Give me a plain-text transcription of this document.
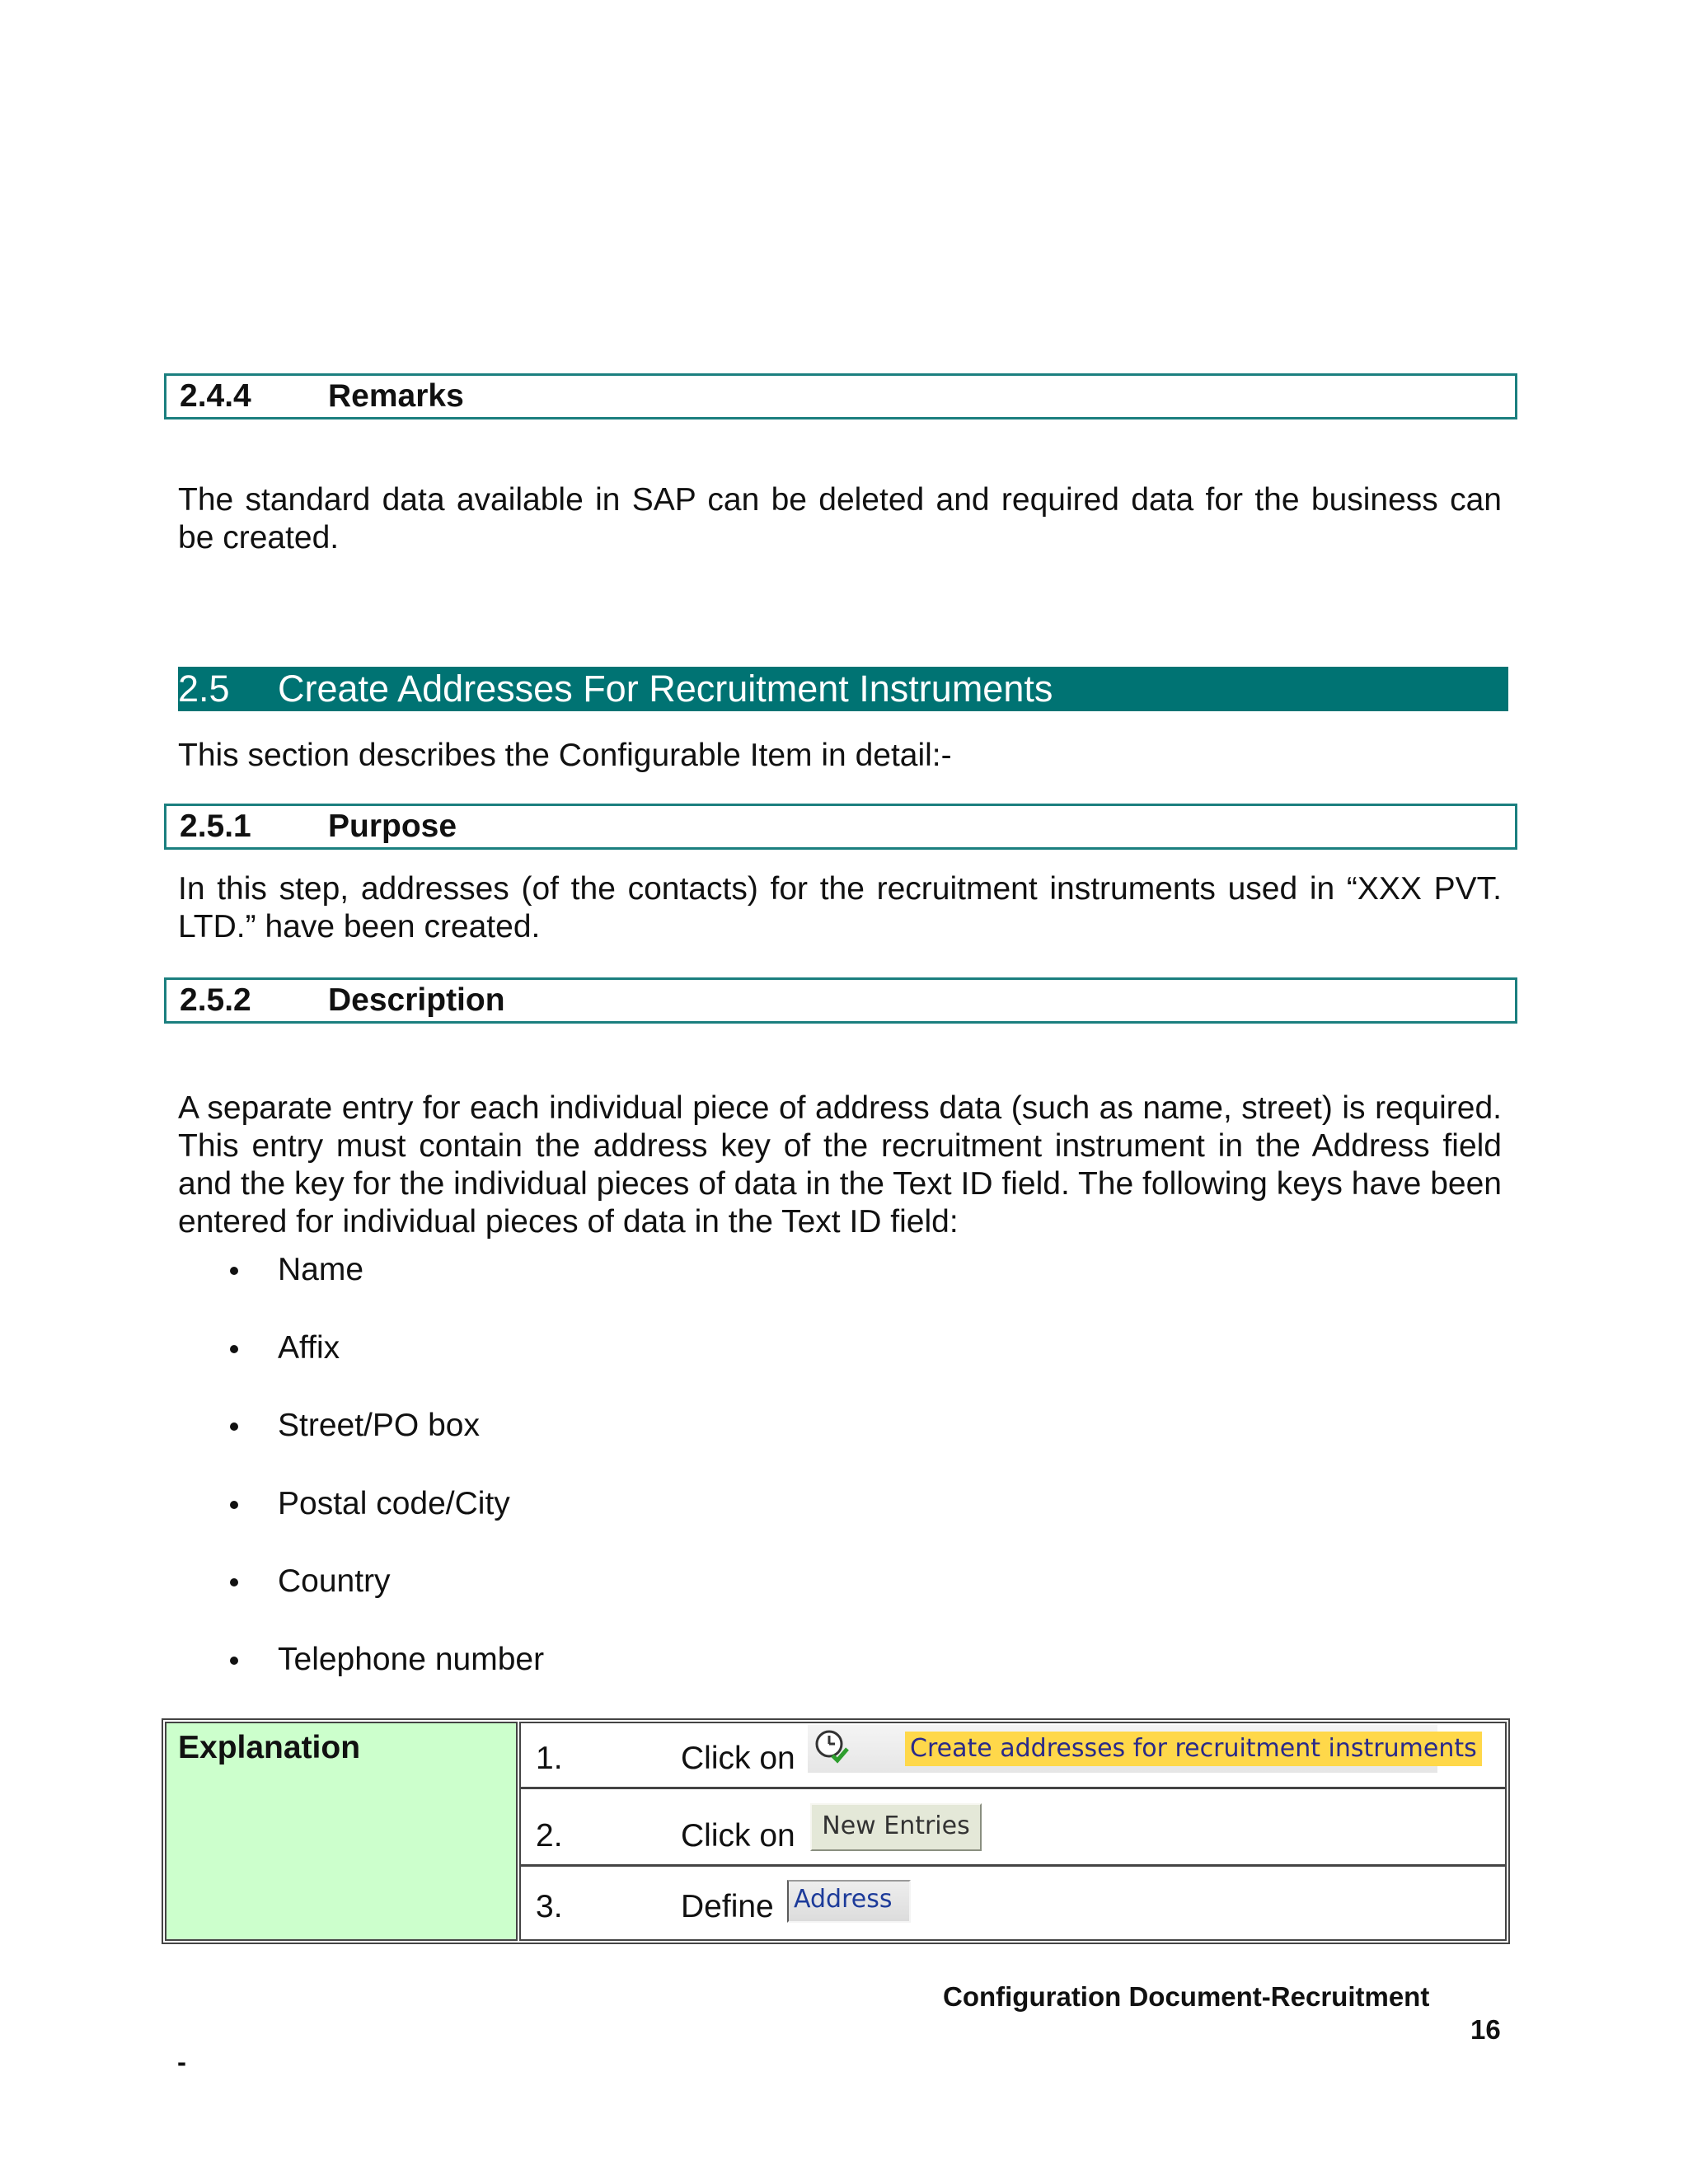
2.4.4 Remarks
The standard data available in SAP can be deleted and required data for the business can be created.
2.5 Create Addresses For Recruitment Instruments
This section describes the Configurable Item in detail:-
2.5.1 Purpose
In this step, addresses (of the contacts) for the recruitment instruments used in “XXX PVT. LTD.” have been created.
2.5.2 Description
A separate entry for each individual piece of address data (such as name, street) is required. This entry must contain the address key of the recruitment instrument in the Address field and the key for the individual pieces of data in the Text ID field. The following keys have been entered for individual pieces of data in the Text ID field:
Name
Affix
Street/PO box
Postal code/City
Country
Telephone number
Explanation	1.	Click on	Create addresses for recruitment instruments
2.	Click on	New Entries
3.	Define Address
Configuration Document-Recruitment
16
-
